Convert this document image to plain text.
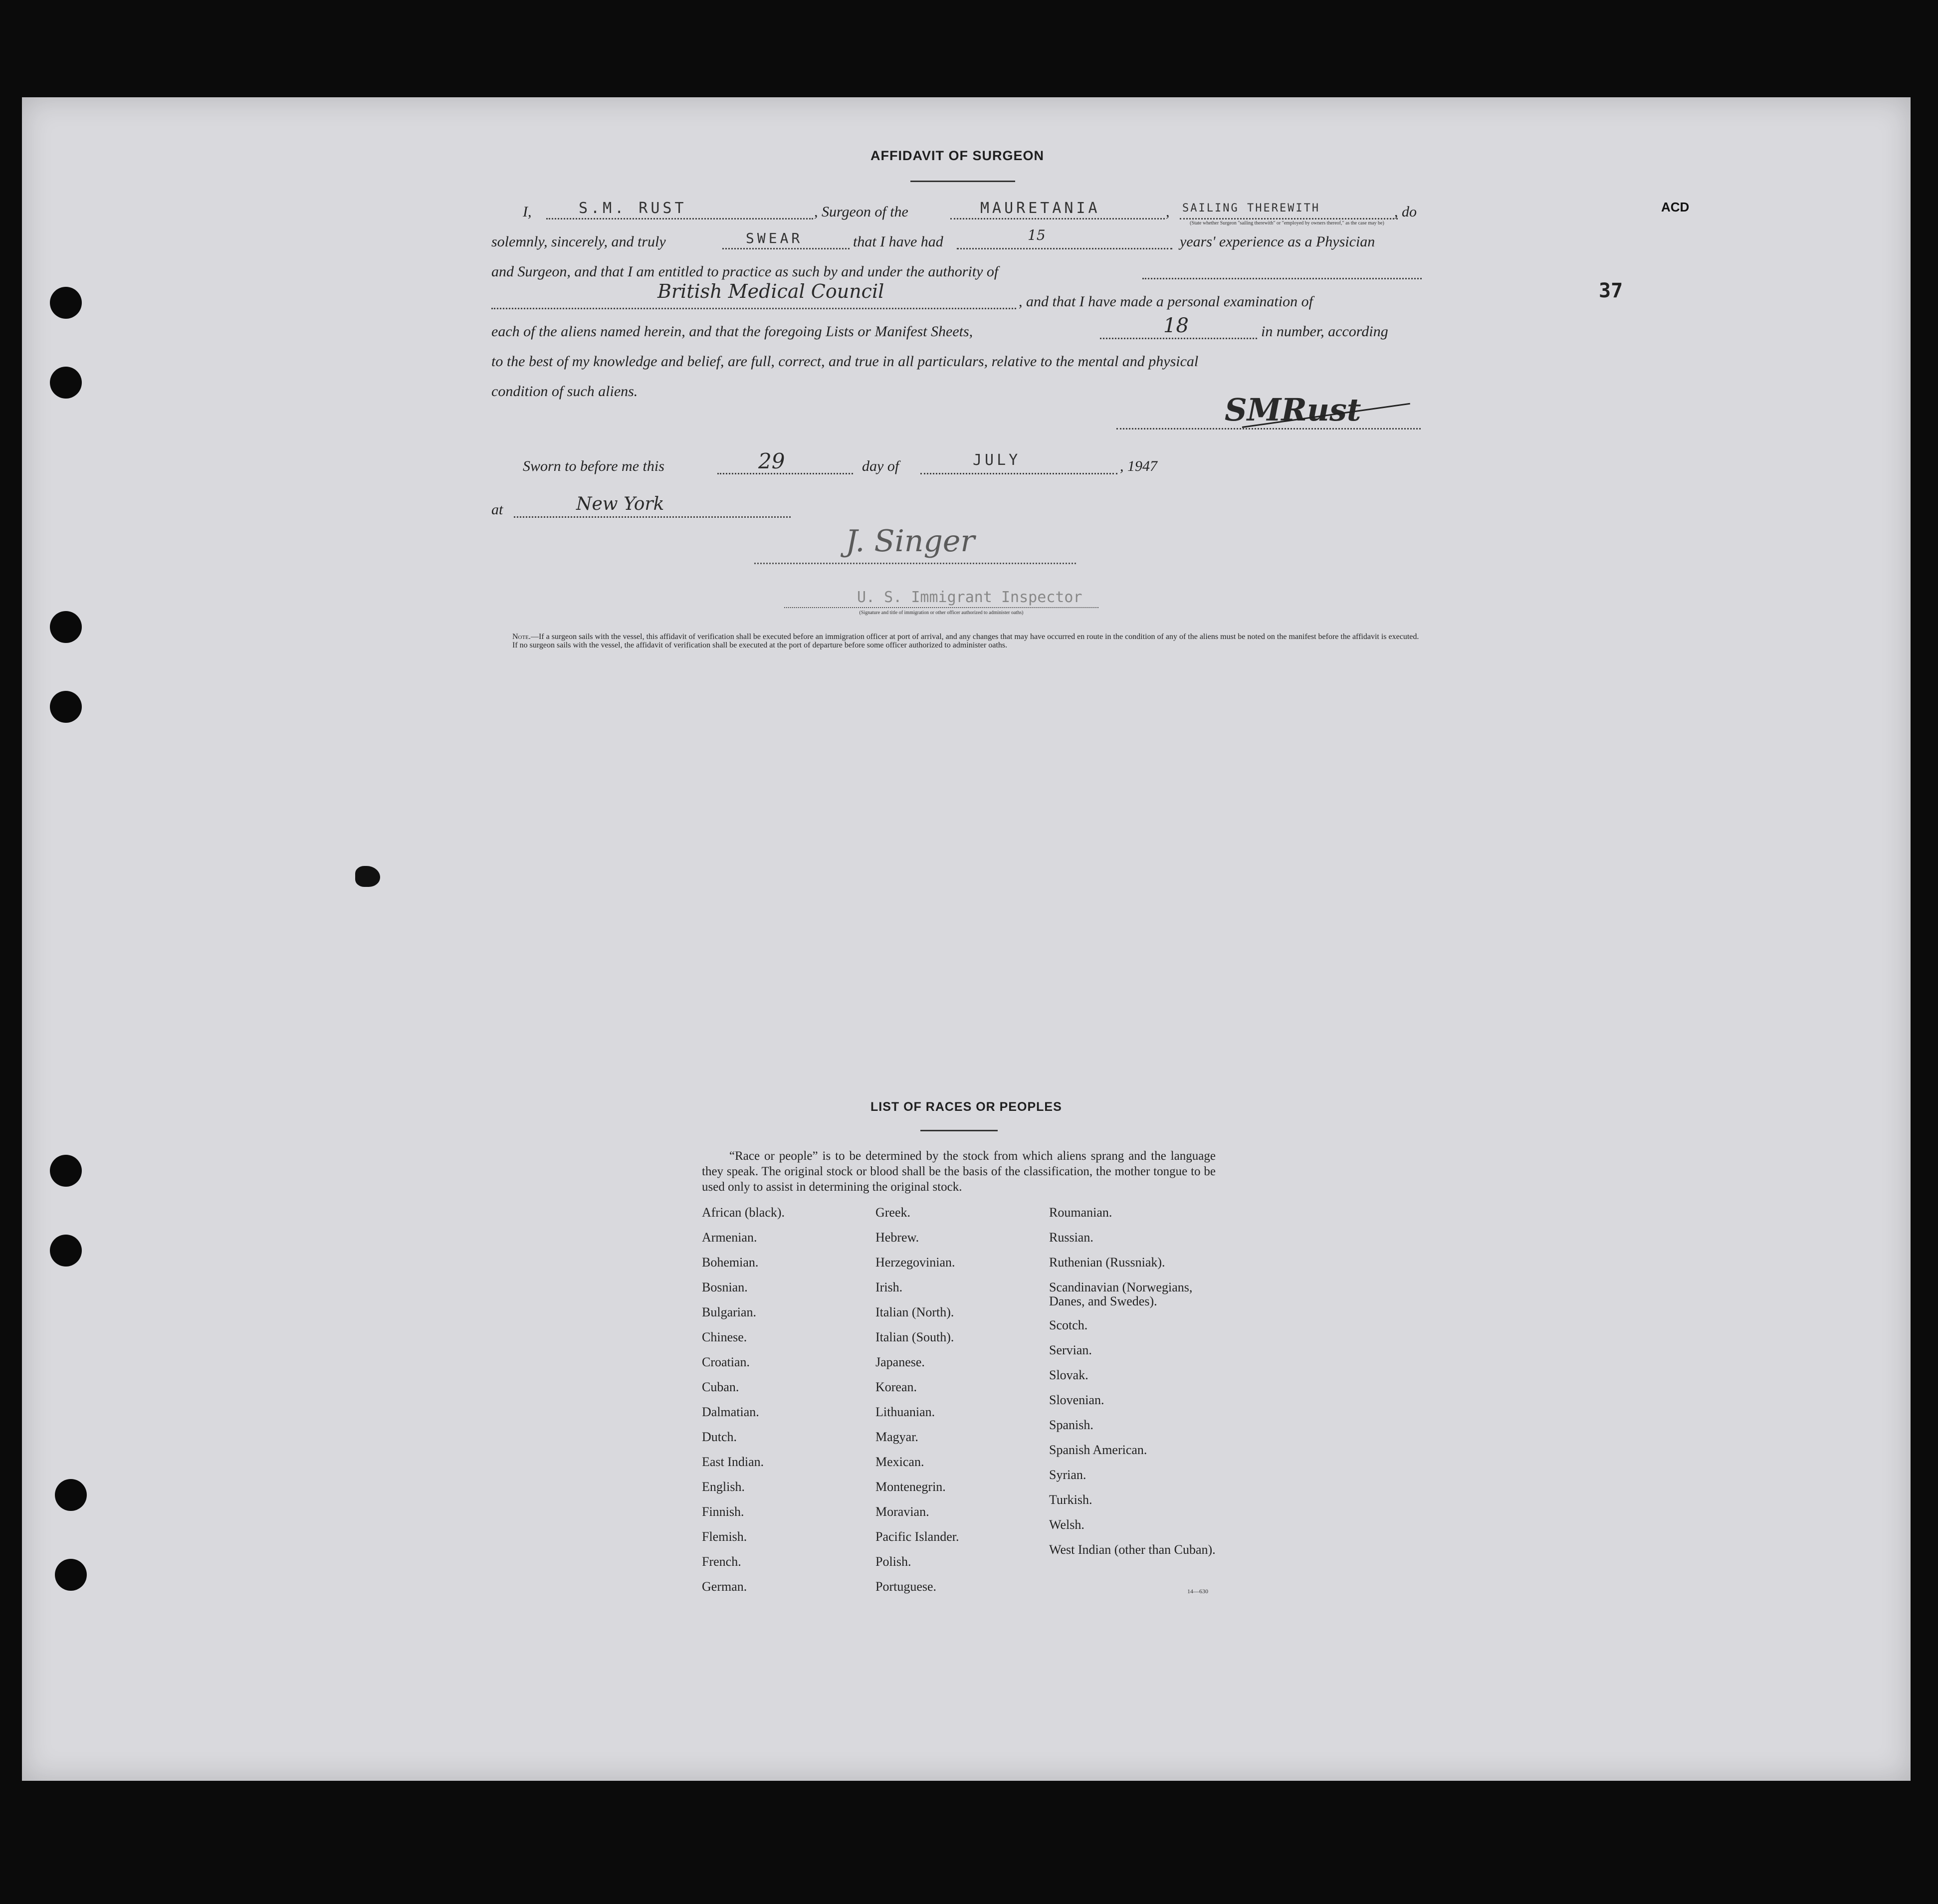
37
ACD
AFFIDAVIT OF SURGEON
I,	S.M. RUST	, Surgeon of the	MAURETANIA	, SAILING THEREWITH	, do
(State whether Surgeon "sailing therewith" or "employed by owners thereof," as the case may be)
solemnly, sincerely, and truly	SWEAR	that I have had	15	years' experience as a Physician
and Surgeon, and that I am entitled to practice as such by and under the authority of
British Medical Council	, and that I have made a personal examination of
each of the aliens named herein, and that the foregoing Lists or Manifest Sheets,	18	in number, according
to the best of my knowledge and belief, are full, correct, and true in all particulars, relative to the mental and physical
condition of such aliens.
SMRust
Sworn to before me this	29	day of	JULY	, 1947
at	New York
J. Singer
U. S. Immigrant Inspector
(Signature and title of immigration or other officer authorized to administer oaths)
Note.—If a surgeon sails with the vessel, this affidavit of verification shall be executed before an immigration officer at port of arrival, and any changes that may have occurred en route in the condition of any of the aliens must be noted on the manifest before the affidavit is executed.
If no surgeon sails with the vessel, the affidavit of verification shall be executed at the port of departure before some officer authorized to administer oaths.
LIST OF RACES OR PEOPLES
“Race or people” is to be determined by the stock from which aliens sprang and the language they speak. The original stock or blood shall be the basis of the classification, the mother tongue to be used only to assist in determining the original stock.
African (black).
Armenian.
Bohemian.
Bosnian.
Bulgarian.
Chinese.
Croatian.
Cuban.
Dalmatian.
Dutch.
East Indian.
English.
Finnish.
Flemish.
French.
German.
Greek.
Hebrew.
Herzegovinian.
Irish.
Italian (North).
Italian (South).
Japanese.
Korean.
Lithuanian.
Magyar.
Mexican.
Montenegrin.
Moravian.
Pacific Islander.
Polish.
Portuguese.
Roumanian.
Russian.
Ruthenian (Russniak).
Scandinavian (Norwegians, Danes, and Swedes).
Scotch.
Servian.
Slovak.
Slovenian.
Spanish.
Spanish American.
Syrian.
Turkish.
Welsh.
West Indian (other than Cuban).
14—630
